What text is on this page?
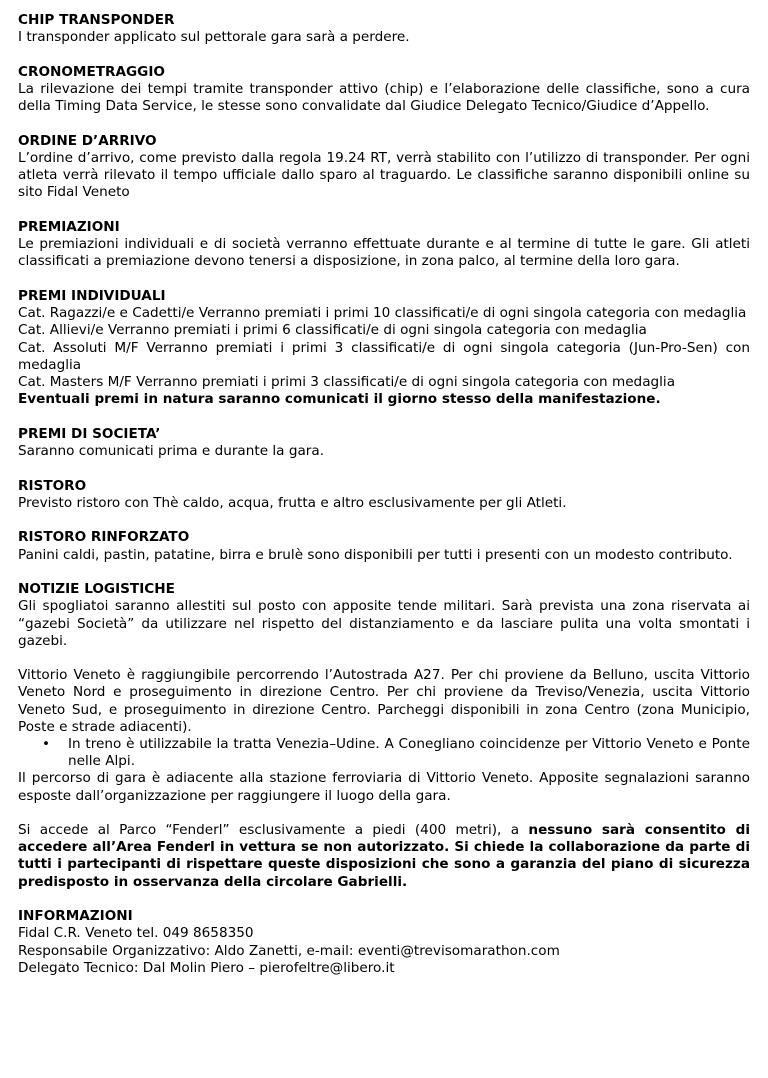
CHIP TRANSPONDER

I transponder applicato sul pettorale gara sarà a perdere.

CRONOMETRAGGIO

La rilevazione dei tempi tramite transponder attivo (chip) e l’elaborazione delle classifiche, sono a cura della Timing Data Service, le stesse sono convalidate dal Giudice Delegato Tecnico/Giudice d’Appello.

ORDINE D’ARRIVO

L’ordine d’arrivo, come previsto dalla regola 19.24 RT, verrà stabilito con l’utilizzo di transponder. Per ogni atleta verrà rilevato il tempo ufficiale dallo sparo al traguardo. Le classifiche saranno disponibili online su sito Fidal Veneto

PREMIAZIONI

Le premiazioni individuali e di società verranno effettuate durante e al termine di tutte le gare. Gli atleti classificati a premiazione devono tenersi a disposizione, in zona palco, al termine della loro gara.

PREMI INDIVIDUALI

Cat. Ragazzi/e e Cadetti/e Verranno premiati i primi 10 classificati/e di ogni singola categoria con medaglia

Cat. Allievi/e Verranno premiati i primi 6 classificati/e di ogni singola categoria con medaglia

Cat. Assoluti M/F Verranno premiati i primi 3 classificati/e di ogni singola categoria (Jun-Pro-Sen) con medaglia

Cat. Masters M/F Verranno premiati i primi 3 classificati/e di ogni singola categoria con medaglia

Eventuali premi in natura saranno comunicati il giorno stesso della manifestazione.

PREMI DI SOCIETA’

Saranno comunicati prima e durante la gara.

RISTORO

Previsto ristoro con Thè caldo, acqua, frutta e altro esclusivamente per gli Atleti.

RISTORO RINFORZATO

Panini caldi, pastin, patatine, birra e brulè sono disponibili per tutti i presenti con un modesto contributo.

NOTIZIE LOGISTICHE

Gli spogliatoi saranno allestiti sul posto con apposite tende militari. Sarà prevista una zona riservata ai “gazebi Società” da utilizzare nel rispetto del distanziamento e da lasciare pulita una volta smontati i gazebi.

Vittorio Veneto è raggiungibile percorrendo l’Autostrada A27. Per chi proviene da Belluno, uscita Vittorio Veneto Nord e proseguimento in direzione Centro. Per chi proviene da Treviso/Venezia, uscita Vittorio Veneto Sud, e proseguimento in direzione Centro. Parcheggi disponibili in zona Centro (zona Municipio, Poste e strade adiacenti).

• In treno è utilizzabile la tratta Venezia–Udine. A Conegliano coincidenze per Vittorio Veneto e Ponte nelle Alpi.

Il percorso di gara è adiacente alla stazione ferroviaria di Vittorio Veneto. Apposite segnalazioni saranno esposte dall’organizzazione per raggiungere il luogo della gara.

Si accede al Parco “Fenderl” esclusivamente a piedi (400 metri), a nessuno sarà consentito di accedere all’Area Fenderl in vettura se non autorizzato. Si chiede la collaborazione da parte di tutti i partecipanti di rispettare queste disposizioni che sono a garanzia del piano di sicurezza predisposto in osservanza della circolare Gabrielli.

INFORMAZIONI

Fidal C.R. Veneto tel. 049 8658350

Responsabile Organizzativo: Aldo Zanetti, e-mail: eventi@trevisomarathon.com

Delegato Tecnico: Dal Molin Piero – pierofeltre@libero.it
